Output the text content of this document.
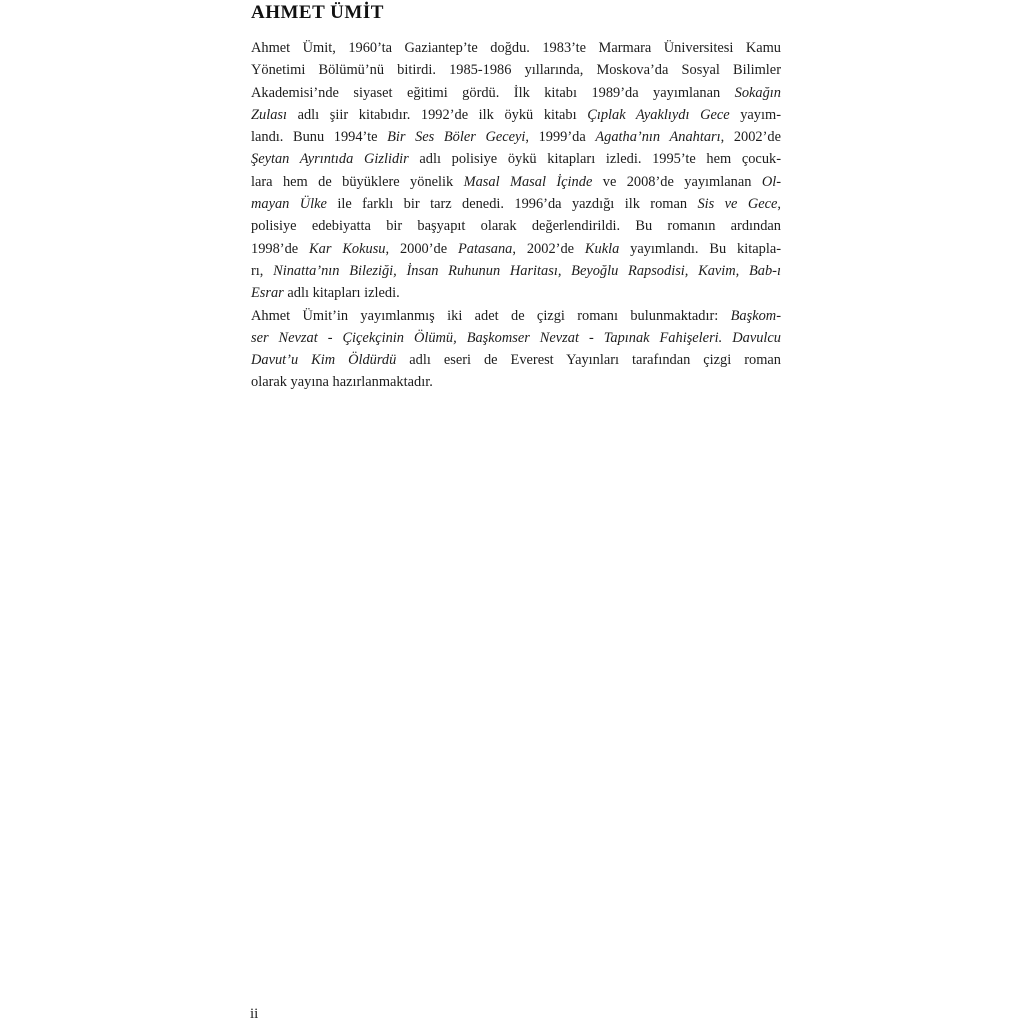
AHMET ÜMİT
Ahmet Ümit, 1960’ta Gaziantep’te doğdu. 1983’te Marmara Üniversitesi Kamu
Yönetimi Bölümü’nü bitirdi. 1985-1986 yıllarında, Moskova’da Sosyal Bilimler
Akademisi’nde siyaset eğitimi gördü. İlk kitabı 1989’da yayımlanan Sokağın
Zulası adlı şiir kitabıdır. 1992’de ilk öykü kitabı Çıplak Ayaklıydı Gece yayım-
landı. Bunu 1994’te Bir Ses Böler Geceyi, 1999’da Agatha’nın Anahtarı, 2002’de
Şeytan Ayrıntıda Gizlidir adlı polisiye öykü kitapları izledi. 1995’te hem çocuk-
lara hem de büyüklere yönelik Masal Masal İçinde ve 2008’de yayımlanan Ol-
mayan Ülke ile farklı bir tarz denedi. 1996’da yazdığı ilk roman Sis ve Gece,
polisiye edebiyatta bir başyapıt olarak değerlendirildi. Bu romanın ardından
1998’de Kar Kokusu, 2000’de Patasana, 2002’de Kukla yayımlandı. Bu kitapla-
rı, Ninatta’nın Bileziği, İnsan Ruhunun Haritası, Beyoğlu Rapsodisi, Kavim, Bab-ı
Esrar adlı kitapları izledi.
Ahmet Ümit’in yayımlanmış iki adet de çizgi romanı bulunmaktadır: Başkom-
ser Nevzat - Çiçekçinin Ölümü, Başkomser Nevzat - Tapınak Fahişeleri. Davulcu
Davut’u Kim Öldürdü adlı eseri de Everest Yayınları tarafından çizgi roman
olarak yayına hazırlanmaktadır.
ii
